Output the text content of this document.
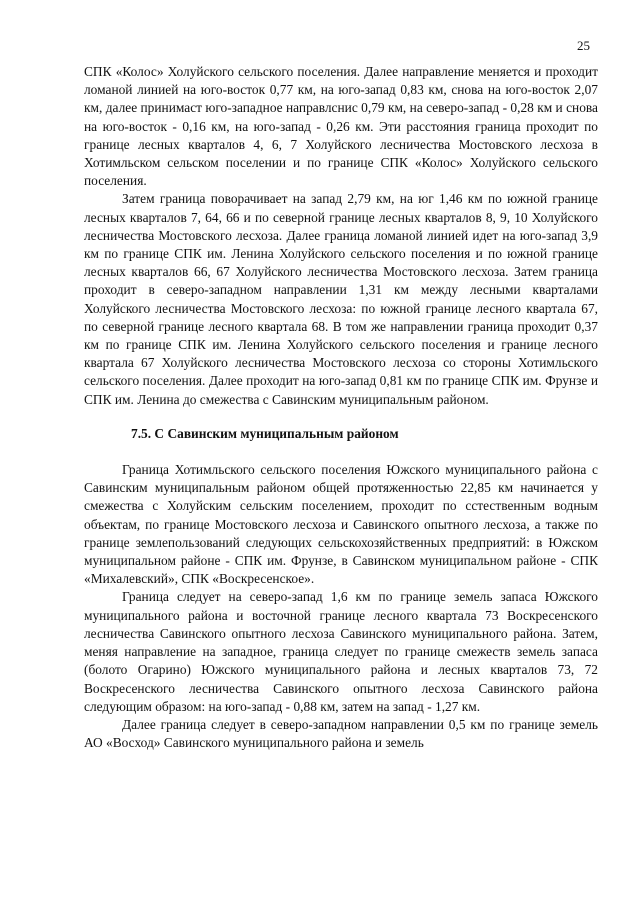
25

СПК «Колос» Холуйского сельского поселения. Далее направление меняется и проходит ломаной линией на юго-восток 0,77 км, на юго-запад 0,83 км, снова на юго-восток 2,07 км, далее принимаст юго-западное направлснис 0,79 км, на северо-запад - 0,28 км и снова на юго-восток - 0,16 км, на юго-запад - 0,26 км. Эти расстояния граница проходит по границе лесных кварталов 4, 6, 7 Холуйского лесничества Мостовского лесхоза в Хотимльском сельском поселении и по границе СПК «Колос» Холуйского сельского поселения.

Затем граница поворачивает на запад 2,79 км, на юг 1,46 км по южной границе лесных кварталов 7, 64, 66 и по северной границе лесных кварталов 8, 9, 10 Холуйского лесничества Мостовского лесхоза. Далее граница ломаной линией идет на юго-запад 3,9 км по границе СПК им. Ленина Холуйского сельского поселения и по южной границе лесных кварталов 66, 67 Холуйского лесничества Мостовского лесхоза. Затем граница проходит в северо-западном направлении 1,31 км между лесными кварталами Холуйского лесничества Мостовского лесхоза: по южной границе лесного квартала 67, по северной границе лесного квартала 68. В том же направлении граница проходит 0,37 км по границе СПК им. Ленина Холуйского сельского поселения и границе лесного квартала 67 Холуйского лесничества Мостовского лесхоза со стороны Хотимльского сельского поселения. Далее проходит на юго-запад 0,81 км по границе СПК им. Фрунзе и СПК им. Ленина до смежества с Савинским муниципальным районом.

7.5. С Савинским муниципальным районом

Граница Хотимльского сельского поселения Южского муниципального района с Савинским муниципальным районом общей протяженностью 22,85 км начинается у смежества с Холуйским сельским поселением, проходит по сстественным водным объектам, по границе Мостовского лесхоза и Савинского опытного лесхоза, а также по границе землепользований следующих сельскохозяйственных предприятий: в Южском муниципальном районе - СПК им. Фрунзе, в Савинском муниципальном районе - СПК «Михалевский», СПК «Воскресенское».

Граница следует на северо-запад 1,6 км по границе земель запаса Южского муниципального района и восточной границе лесного квартала 73 Воскресенского лесничества Савинского опытного лесхоза Савинского муниципального района. Затем, меняя направление на западное, граница следует по границе смежеств земель запаса (болото Огарино) Южского муниципального района и лесных кварталов 73, 72 Воскресенского лесничества Савинского опытного лесхоза Савинского района следующим образом: на юго-запад - 0,88 км, затем на запад - 1,27 км.

Далее граница следует в северо-западном направлении 0,5 км по границе земель АО «Восход» Савинского муниципального района и земель
